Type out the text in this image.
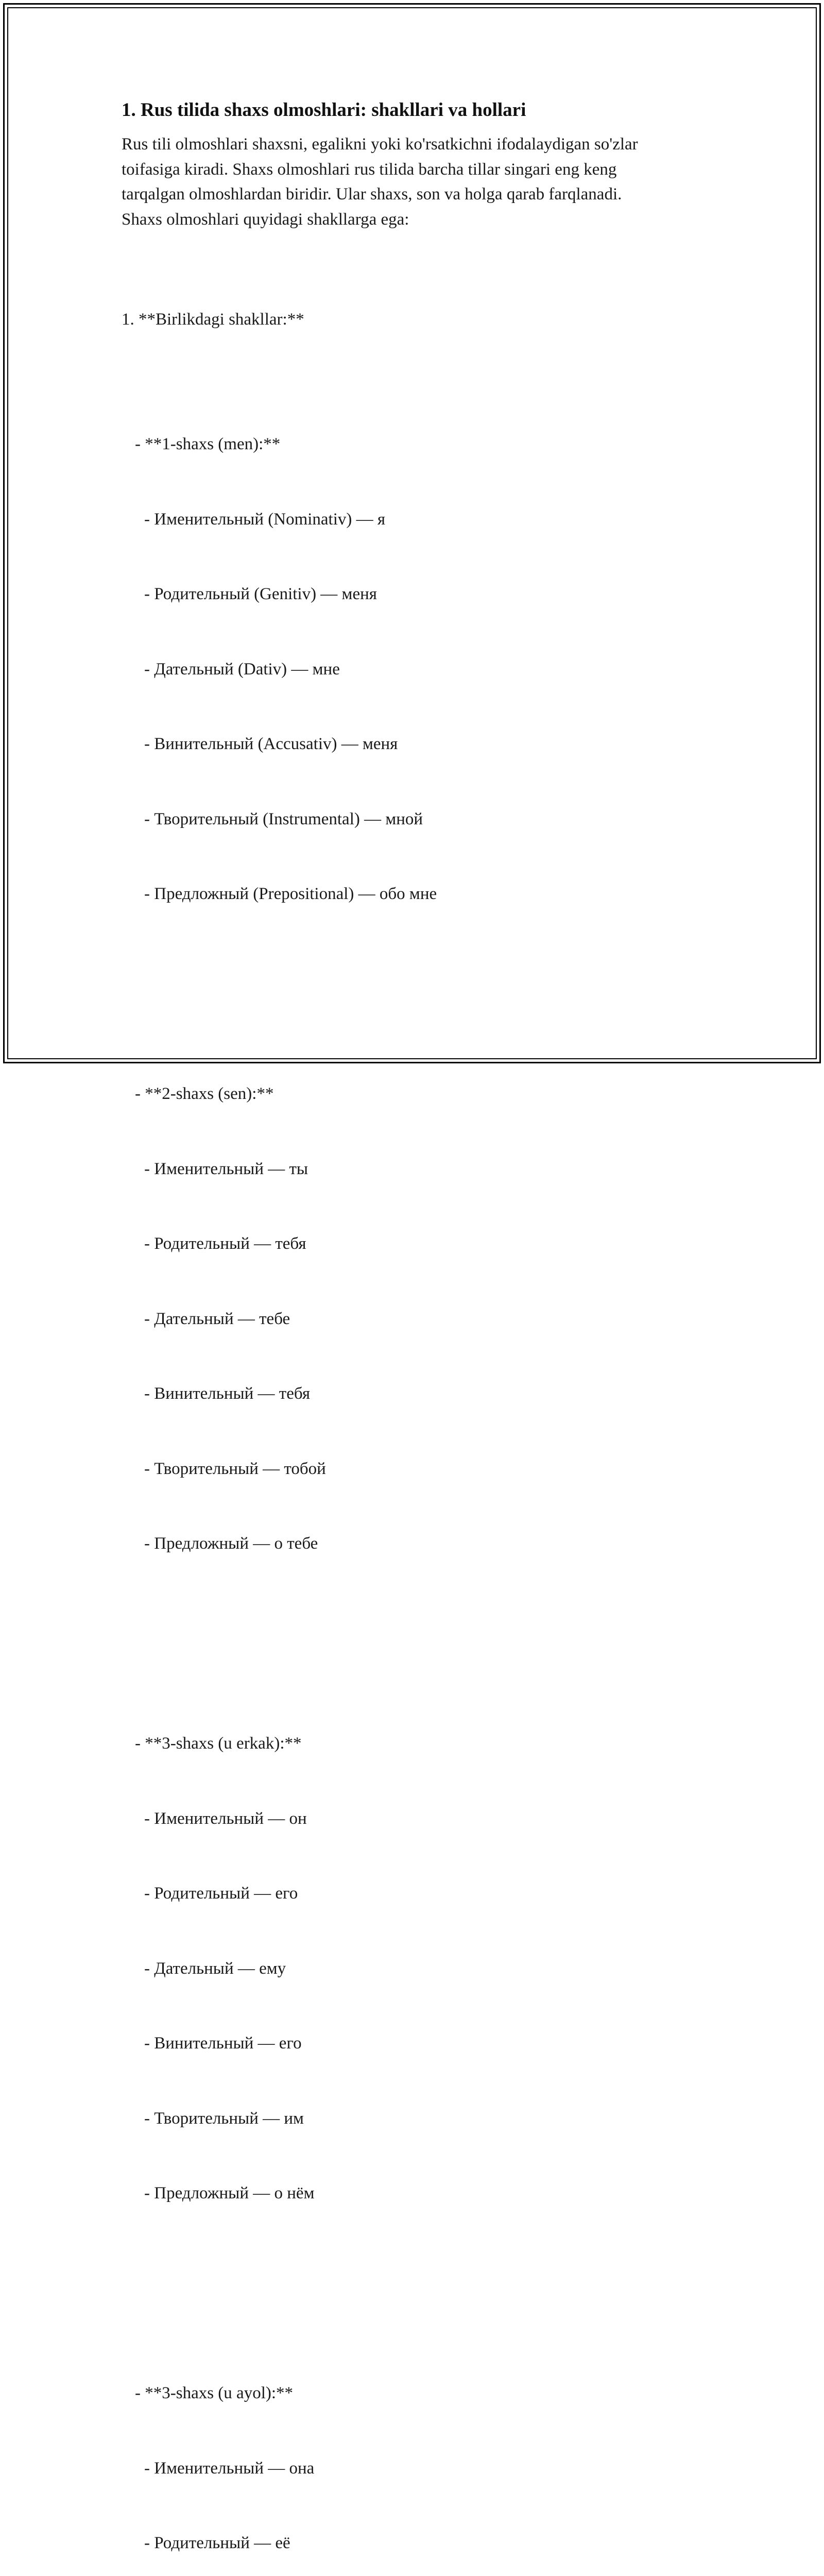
1. Rus tilida shaxs olmoshlari: shakllari va hollari
Rus tili olmoshlari shaxsni, egalikni yoki ko'rsatkichni ifodalaydigan so'zlar
toifasiga kiradi. Shaxs olmoshlari rus tilida barcha tillar singari eng keng
tarqalgan olmoshlardan biridir. Ular shaxs, son va holga qarab farqlanadi.
Shaxs olmoshlari quyidagi shakllarga ega:

1. **Birlikdagi shakllar:**

- **1-shaxs (men):**

- Именительный (Nominativ) — я

- Родительный (Genitiv) — меня

- Дательный (Dativ) — мне

- Винительный (Accusativ) — меня

- Творительный (Instrumental) — мной

- Предложный (Prepositional) — обо мне

- **2-shaxs (sen):**

- Именительный — ты

- Родительный — тебя

- Дательный — тебе

- Винительный — тебя

- Творительный — тобой

- Предложный — о тебе

- **3-shaxs (u erkak):**

- Именительный — он

- Родительный — его

- Дательный — ему

- Винительный — его

- Творительный — им

- Предложный — о нём

- **3-shaxs (u ayol):**

- Именительный — она

- Родительный — её
